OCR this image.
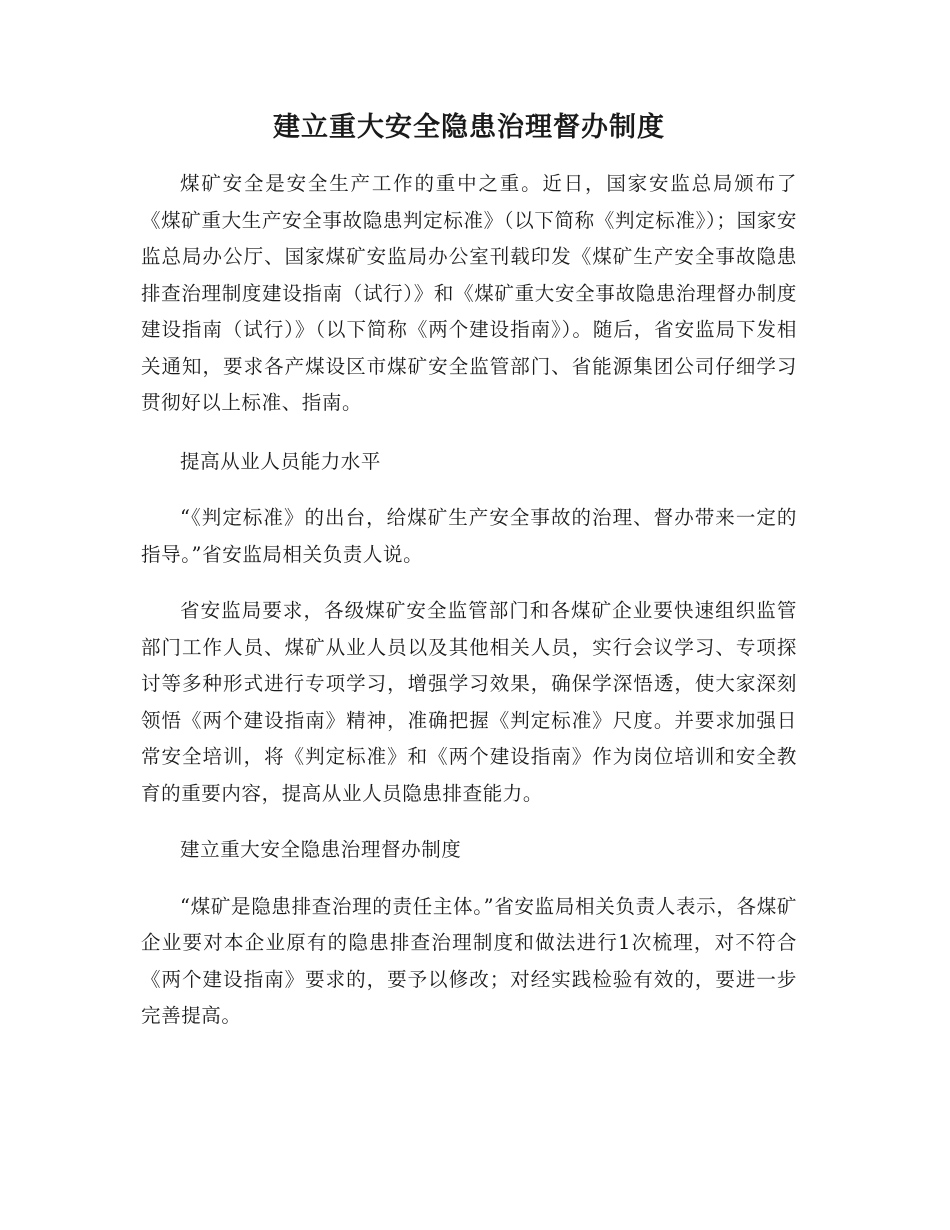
建立重大安全隐患治理督办制度

煤矿安全是安全生产工作的重中之重。近日，国家安监总局颁布了《煤矿重大生产安全事故隐患判定标准》（以下简称《判定标准》）；国家安监总局办公厅、国家煤矿安监局办公室刊载印发《煤矿生产安全事故隐患排查治理制度建设指南（试行）》和《煤矿重大安全事故隐患治理督办制度建设指南（试行）》（以下简称《两个建设指南》）。随后，省安监局下发相关通知，要求各产煤设区市煤矿安全监管部门、省能源集团公司仔细学习贯彻好以上标准、指南。

提高从业人员能力水平

“《判定标准》的出台，给煤矿生产安全事故的治理、督办带来一定的指导。”省安监局相关负责人说。

省安监局要求，各级煤矿安全监管部门和各煤矿企业要快速组织监管部门工作人员、煤矿从业人员以及其他相关人员，实行会议学习、专项探讨等多种形式进行专项学习，增强学习效果，确保学深悟透，使大家深刻领悟《两个建设指南》精神，准确把握《判定标准》尺度。并要求加强日常安全培训，将《判定标准》和《两个建设指南》作为岗位培训和安全教育的重要内容，提高从业人员隐患排查能力。

建立重大安全隐患治理督办制度

“煤矿是隐患排查治理的责任主体。”省安监局相关负责人表示，各煤矿企业要对本企业原有的隐患排查治理制度和做法进行1次梳理，对不符合《两个建设指南》要求的，要予以修改；对经实践检验有效的，要进一步完善提高。
